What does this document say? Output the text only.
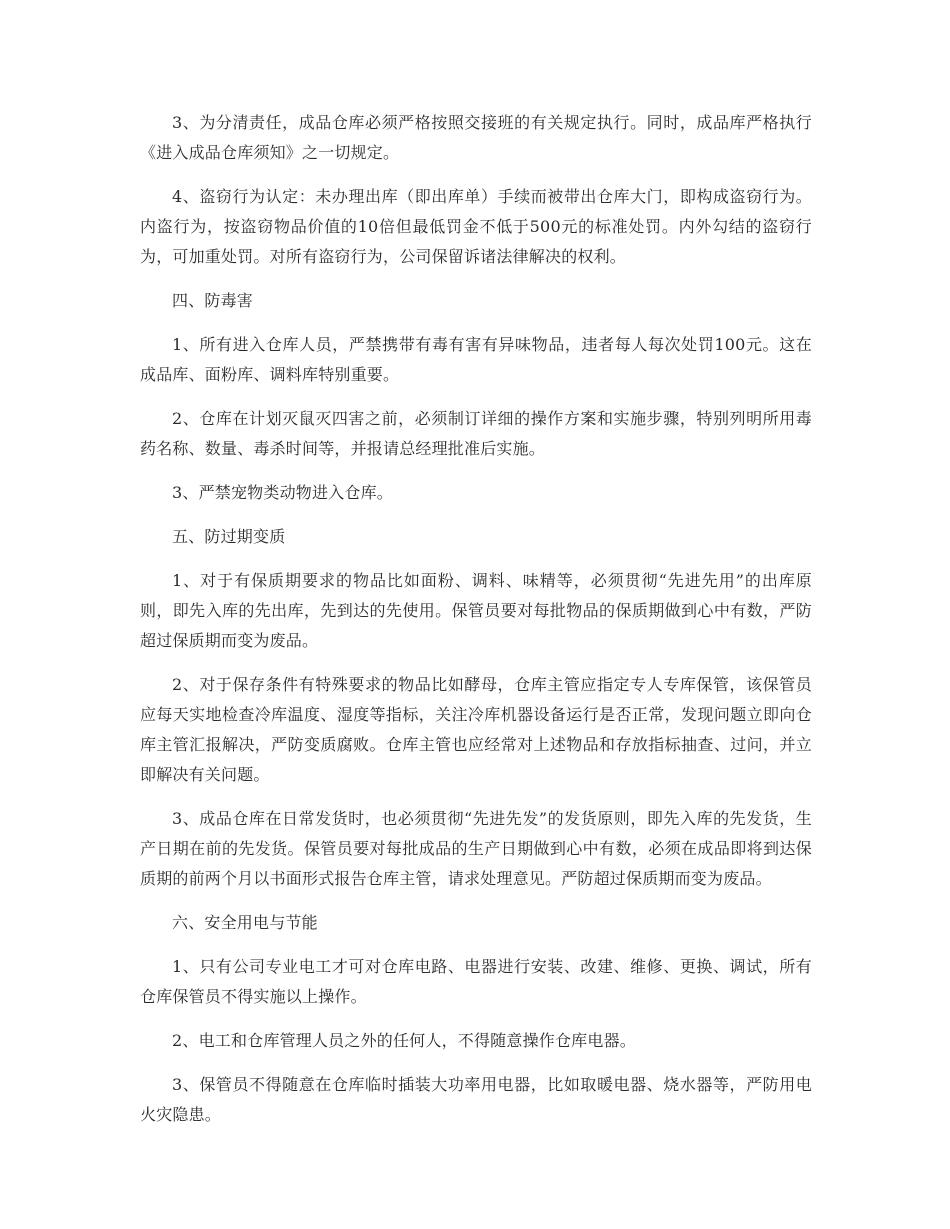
3、为分清责任，成品仓库必须严格按照交接班的有关规定执行。同时，成品库严格执行《进入成品仓库须知》之一切规定。

4、盗窃行为认定：未办理出库（即出库单）手续而被带出仓库大门，即构成盗窃行为。内盗行为，按盗窃物品价值的10倍但最低罚金不低于500元的标准处罚。内外勾结的盗窃行为，可加重处罚。对所有盗窃行为，公司保留诉诸法律解决的权利。

四、防毒害

1、所有进入仓库人员，严禁携带有毒有害有异味物品，违者每人每次处罚100元。这在成品库、面粉库、调料库特别重要。

2、仓库在计划灭鼠灭四害之前，必须制订详细的操作方案和实施步骤，特别列明所用毒药名称、数量、毒杀时间等，并报请总经理批准后实施。

3、严禁宠物类动物进入仓库。

五、防过期变质

1、对于有保质期要求的物品比如面粉、调料、味精等，必须贯彻“先进先用”的出库原则，即先入库的先出库，先到达的先使用。保管员要对每批物品的保质期做到心中有数，严防超过保质期而变为废品。

2、对于保存条件有特殊要求的物品比如酵母，仓库主管应指定专人专库保管，该保管员应每天实地检查冷库温度、湿度等指标，关注冷库机器设备运行是否正常，发现问题立即向仓库主管汇报解决，严防变质腐败。仓库主管也应经常对上述物品和存放指标抽查、过问，并立即解决有关问题。

3、成品仓库在日常发货时，也必须贯彻“先进先发”的发货原则，即先入库的先发货，生产日期在前的先发货。保管员要对每批成品的生产日期做到心中有数，必须在成品即将到达保质期的前两个月以书面形式报告仓库主管，请求处理意见。严防超过保质期而变为废品。

六、安全用电与节能

1、只有公司专业电工才可对仓库电路、电器进行安装、改建、维修、更换、调试，所有仓库保管员不得实施以上操作。

2、电工和仓库管理人员之外的任何人，不得随意操作仓库电器。

3、保管员不得随意在仓库临时插装大功率用电器，比如取暖电器、烧水器等，严防用电火灾隐患。
